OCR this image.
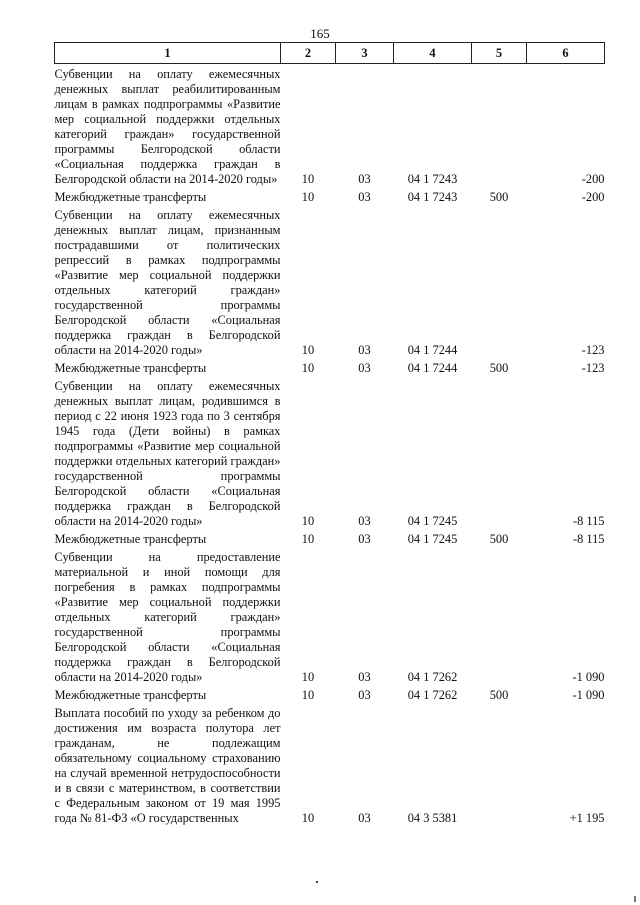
165
1	2	3	4	5	6
Субвенции на оплату ежемесячных денежных выплат реабилитированным лицам в рамках подпрограммы «Развитие мер социальной поддержки отдельных категорий граждан» государственной программы Белгородской области «Социальная поддержка граждан в Белгородской области на 2014-2020 годы»	10	03	04 1 7243		-200
Межбюджетные трансферты	10	03	04 1 7243	500	-200
Субвенции на оплату ежемесячных денежных выплат лицам, признанным пострадавшими от политических репрессий в рамках подпрограммы «Развитие мер социальной поддержки отдельных категорий граждан» государственной программы Белгородской области «Социальная поддержка граждан в Белгородской области на 2014-2020 годы»	10	03	04 1 7244		-123
Межбюджетные трансферты	10	03	04 1 7244	500	-123
Субвенции на оплату ежемесячных денежных выплат лицам, родившимся в период с 22 июня 1923 года по 3 сентября 1945 года (Дети войны) в рамках подпрограммы «Развитие мер социальной поддержки отдельных категорий граждан» государственной программы Белгородской области «Социальная поддержка граждан в Белгородской области на 2014-2020 годы»	10	03	04 1 7245		-8 115
Межбюджетные трансферты	10	03	04 1 7245	500	-8 115
Субвенции на предоставление материальной и иной помощи для погребения в рамках подпрограммы «Развитие мер социальной поддержки отдельных категорий граждан» государственной программы Белгородской области «Социальная поддержка граждан в Белгородской области на 2014-2020 годы»	10	03	04 1 7262		-1 090
Межбюджетные трансферты	10	03	04 1 7262	500	-1 090
Выплата пособий по уходу за ребенком до достижения им возраста полутора лет гражданам, не подлежащим обязательному социальному страхованию на случай временной нетрудоспособности и в связи с материнством, в соответствии с Федеральным законом от 19 мая 1995 года № 81-ФЗ «О государственных	10	03	04 3 5381		+1 195
